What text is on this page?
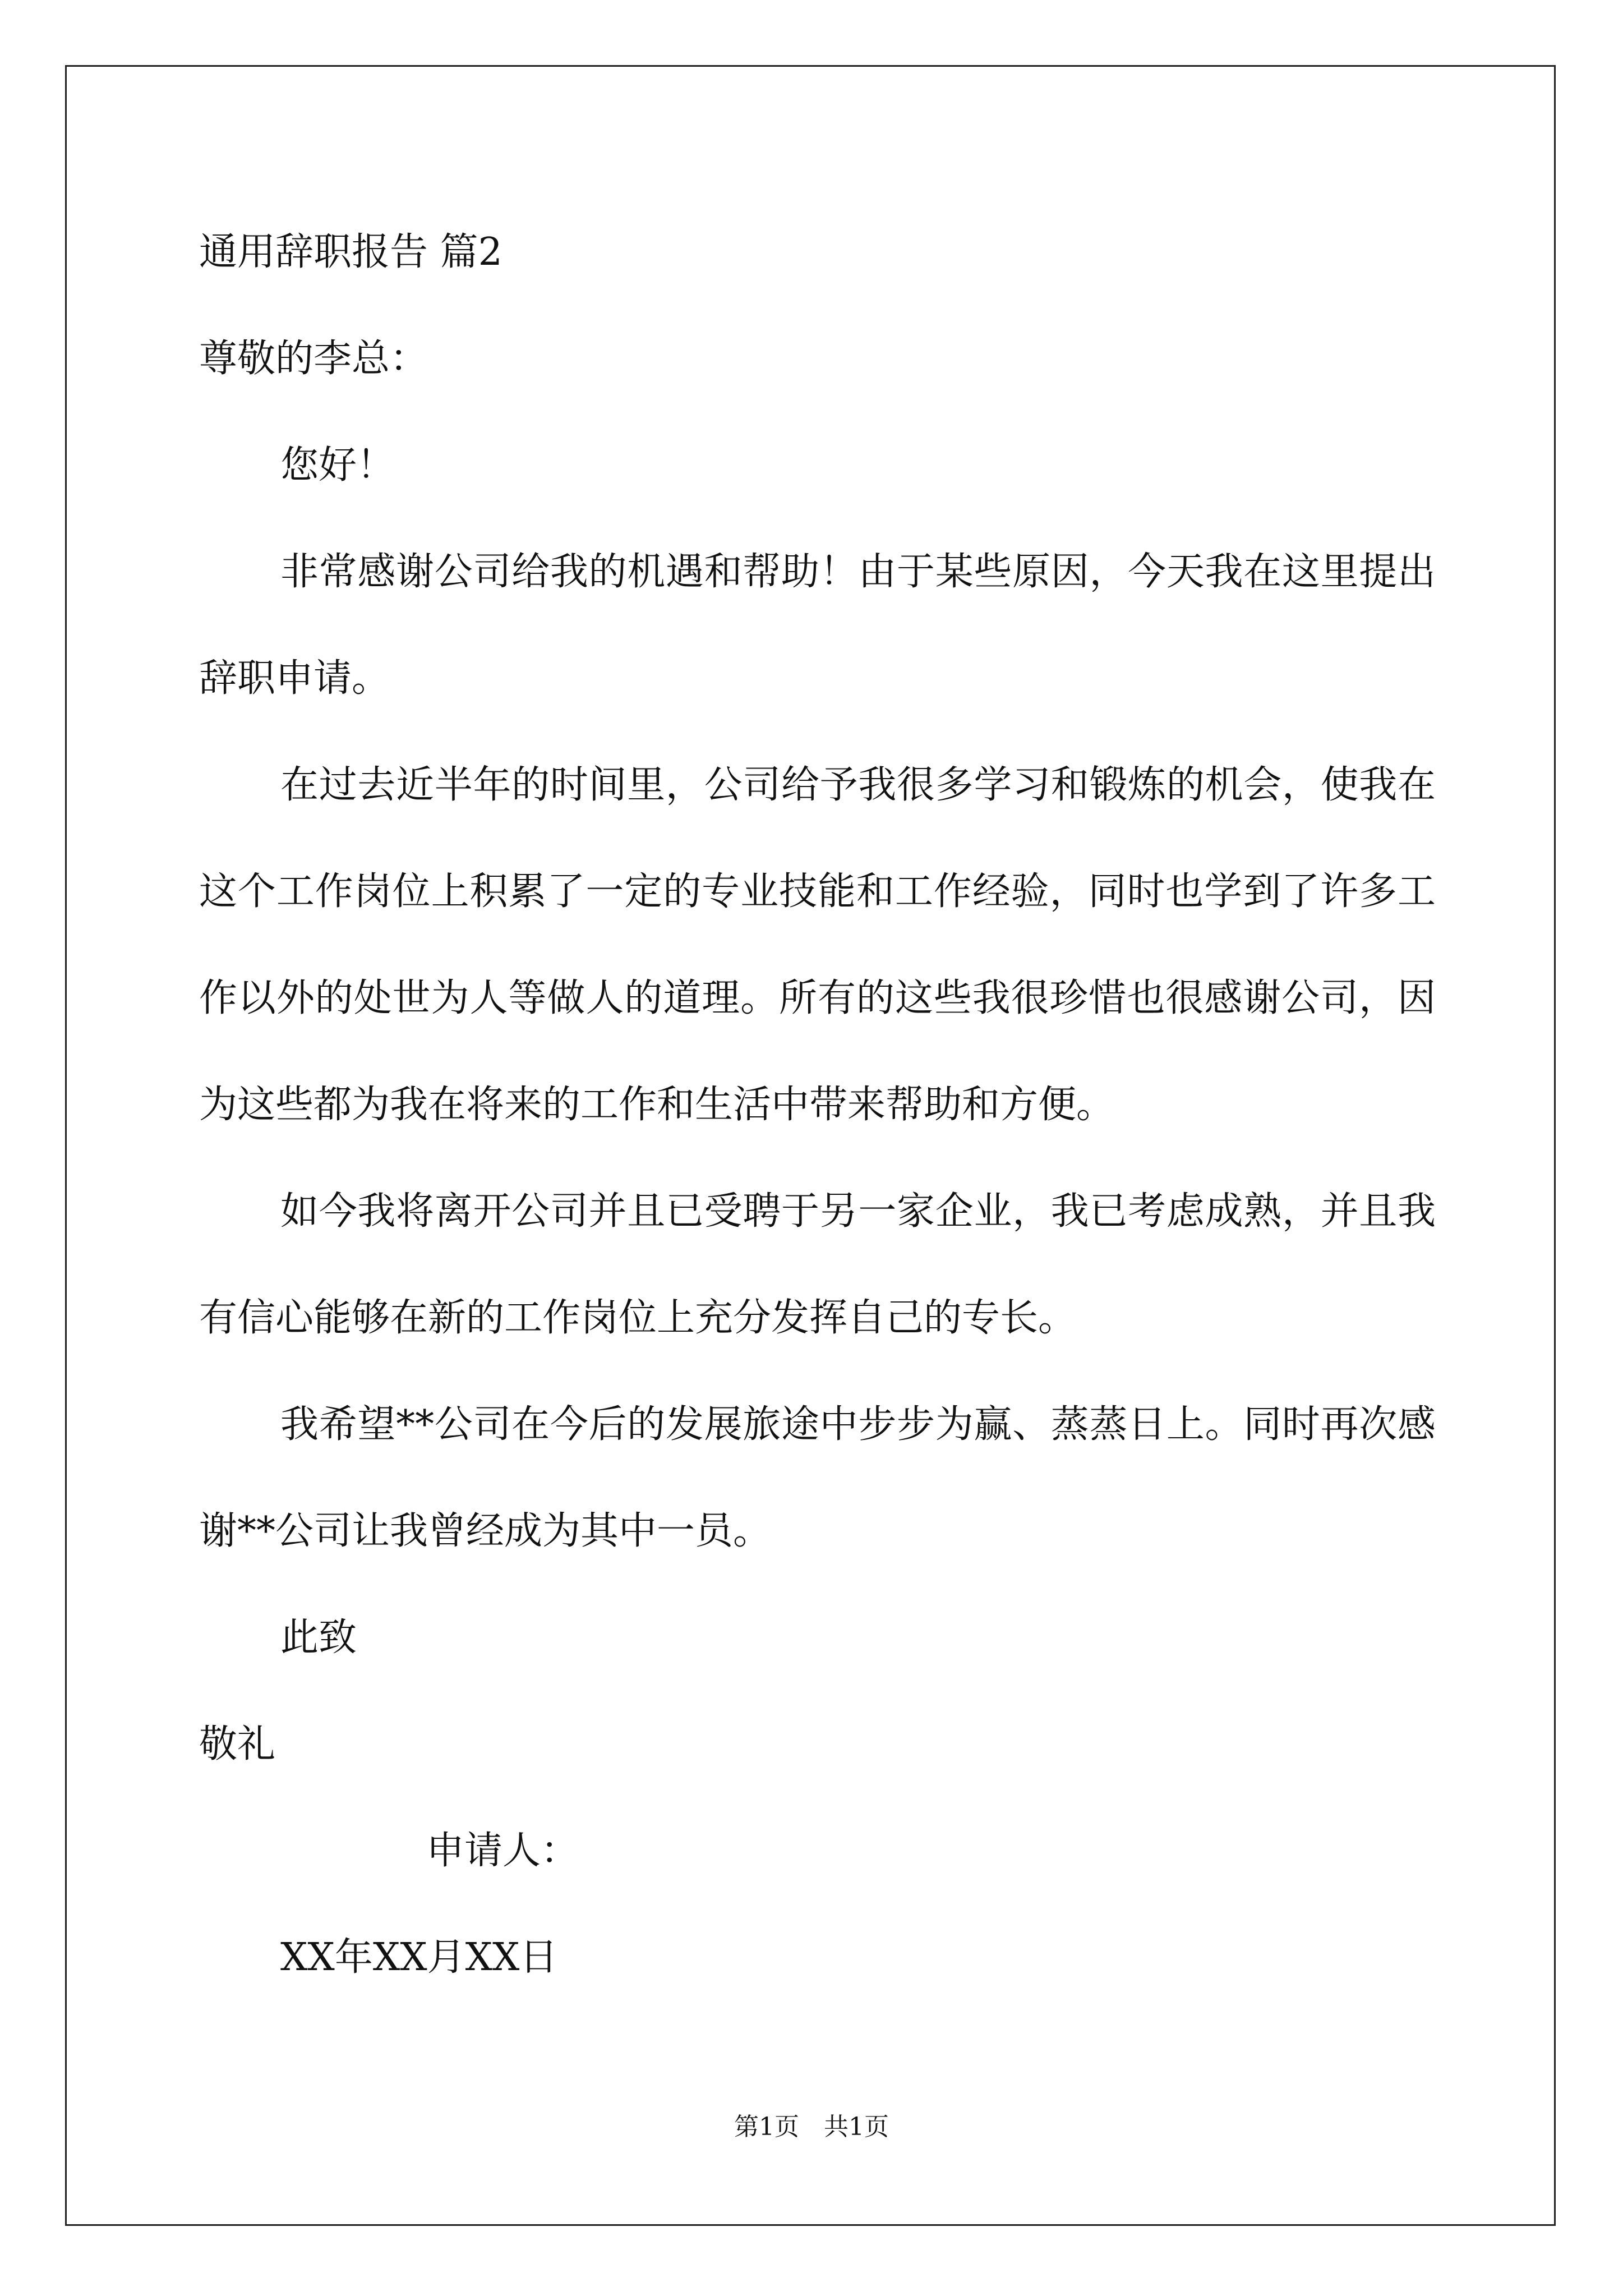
通用辞职报告 篇2
尊敬的李总：
您好！
非常感谢公司给我的机遇和帮助！由于某些原因，今天我在这里提出辞职申请。
在过去近半年的时间里，公司给予我很多学习和锻炼的机会，使我在这个工作岗位上积累了一定的专业技能和工作经验，同时也学到了许多工作以外的处世为人等做人的道理。所有的这些我很珍惜也很感谢公司，因为这些都为我在将来的工作和生活中带来帮助和方便。
如今我将离开公司并且已受聘于另一家企业，我已考虑成熟，并且我有信心能够在新的工作岗位上充分发挥自己的专长。
我希望**公司在今后的发展旅途中步步为赢、蒸蒸日上。同时再次感谢**公司让我曾经成为其中一员。
此致
敬礼
申请人：
XX年XX月XX日
第1页　共1页
